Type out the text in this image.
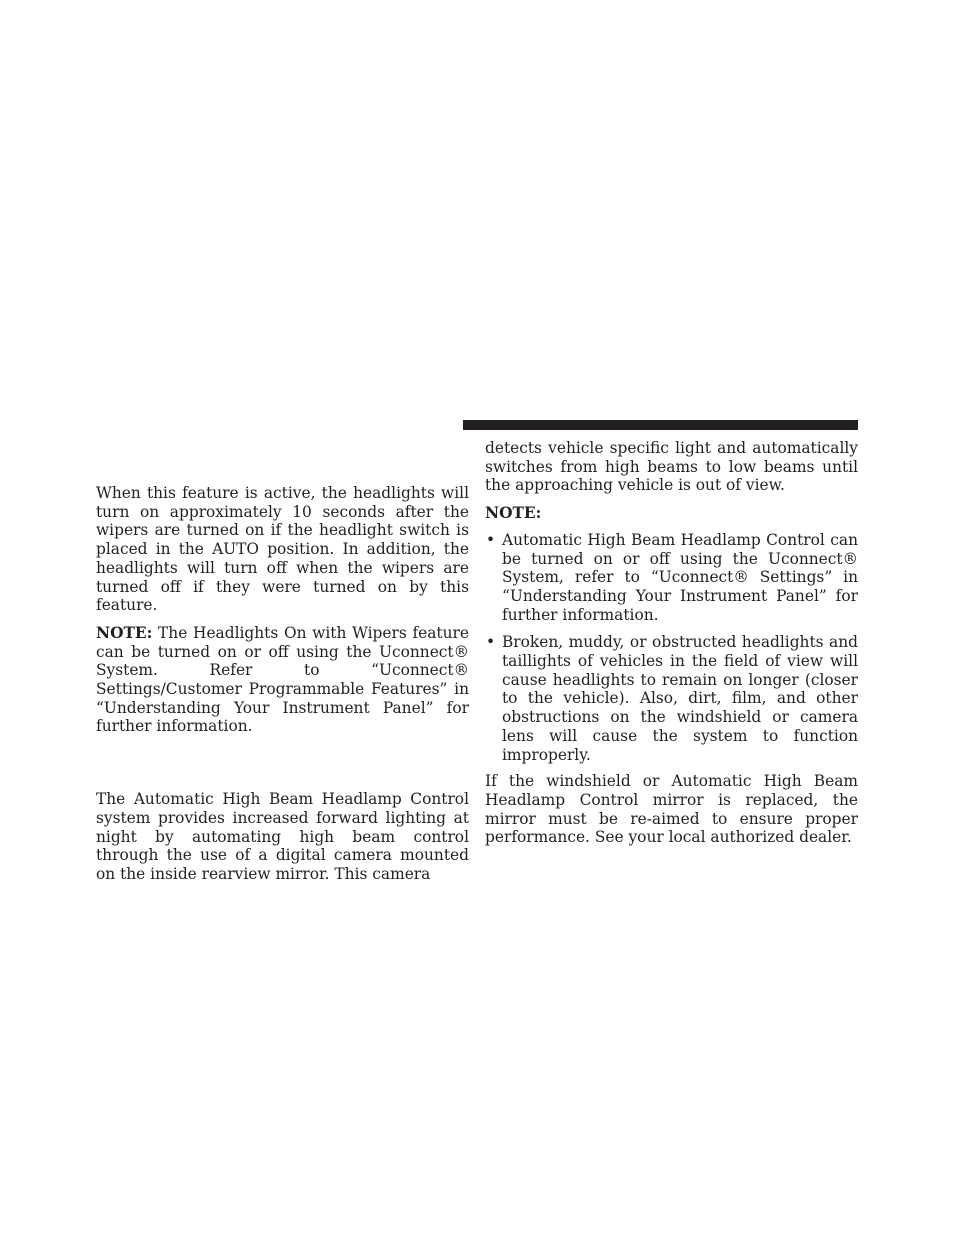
When this feature is active, the headlights will turn on approximately 10 seconds after the wipers are turned on if the headlight switch is placed in the AUTO position. In addition, the headlights will turn off when the wipers are turned off if they were turned on by this feature.

NOTE: The Headlights On with Wipers feature can be turned on or off using the Uconnect® System. Refer to “Uconnect® Settings/Customer Programmable Features” in “Understanding Your Instrument Panel” for further information.

The Automatic High Beam Headlamp Control system provides increased forward lighting at night by automating high beam control through the use of a digital camera mounted on the inside rearview mirror. This camera

detects vehicle specific light and automatically switches from high beams to low beams until the approaching vehicle is out of view.

NOTE:

• Automatic High Beam Headlamp Control can be turned on or off using the Uconnect® System, refer to “Uconnect® Settings” in “Understanding Your Instrument Panel” for further information.
• Broken, muddy, or obstructed headlights and taillights of vehicles in the field of view will cause headlights to remain on longer (closer to the vehicle). Also, dirt, film, and other obstructions on the windshield or camera lens will cause the system to function improperly.

If the windshield or Automatic High Beam Headlamp Control mirror is replaced, the mirror must be re-aimed to ensure proper performance. See your local authorized dealer.
